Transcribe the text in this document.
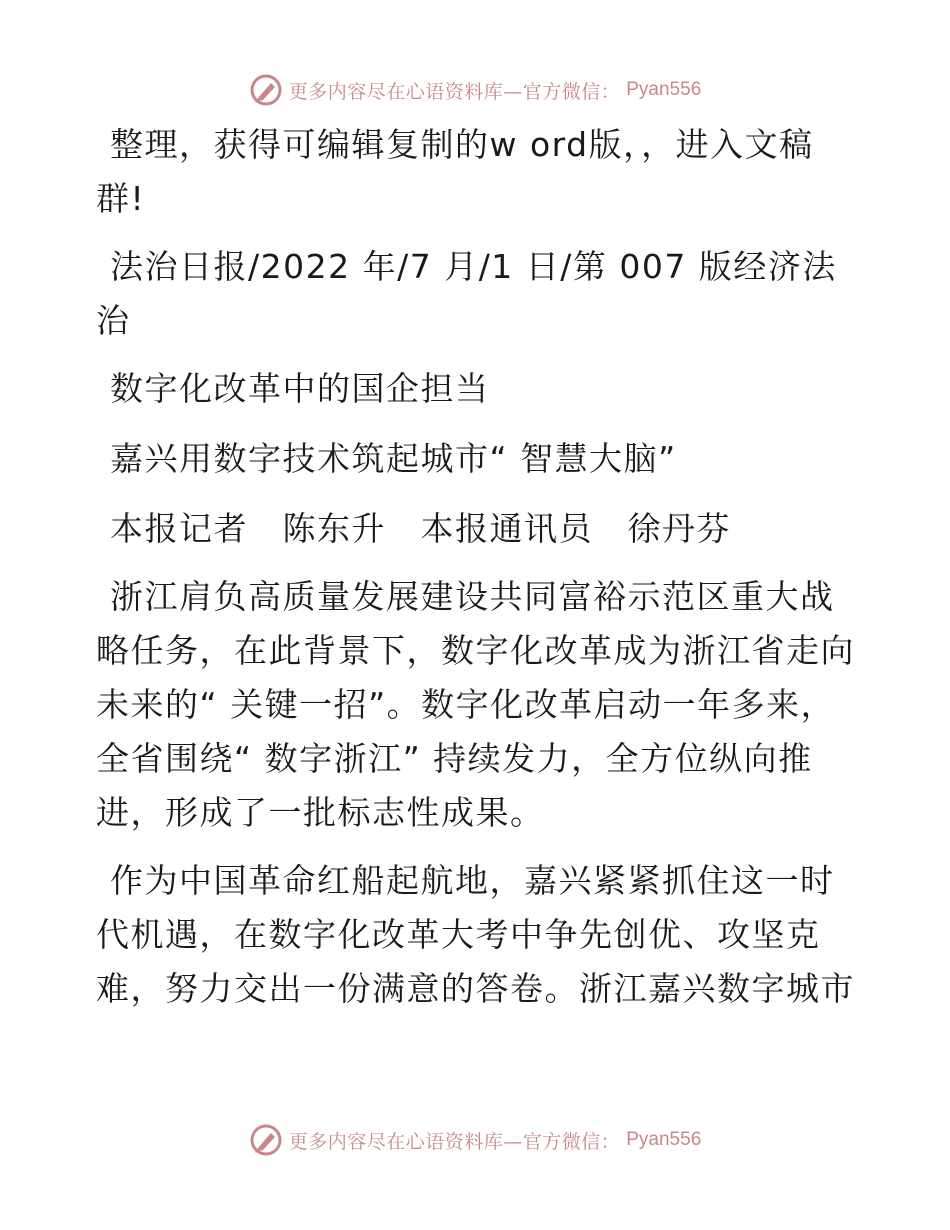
更多内容尽在心语资料库—官方微信： Pyan556

整理，获得可编辑复制的w ord版，，进入文稿群!

法治日报/2022 年/7 月/1 日/第 007 版经济法治

数字化改革中的国企担当

嘉兴用数字技术筑起城市“ 智慧大脑”

本报记者　陈东升　本报通讯员　徐丹芬

浙江肩负高质量发展建设共同富裕示范区重大战略任务，在此背景下，数字化改革成为浙江省走向未来的“ 关键一招”。数字化改革启动一年多来，全省围绕“ 数字浙江” 持续发力，全方位纵向推进，形成了一批标志性成果。

作为中国革命红船起航地，嘉兴紧紧抓住这一时代机遇，在数字化改革大考中争先创优、攻坚克难，努力交出一份满意的答卷。浙江嘉兴数字城市

更多内容尽在心语资料库—官方微信： Pyan556
